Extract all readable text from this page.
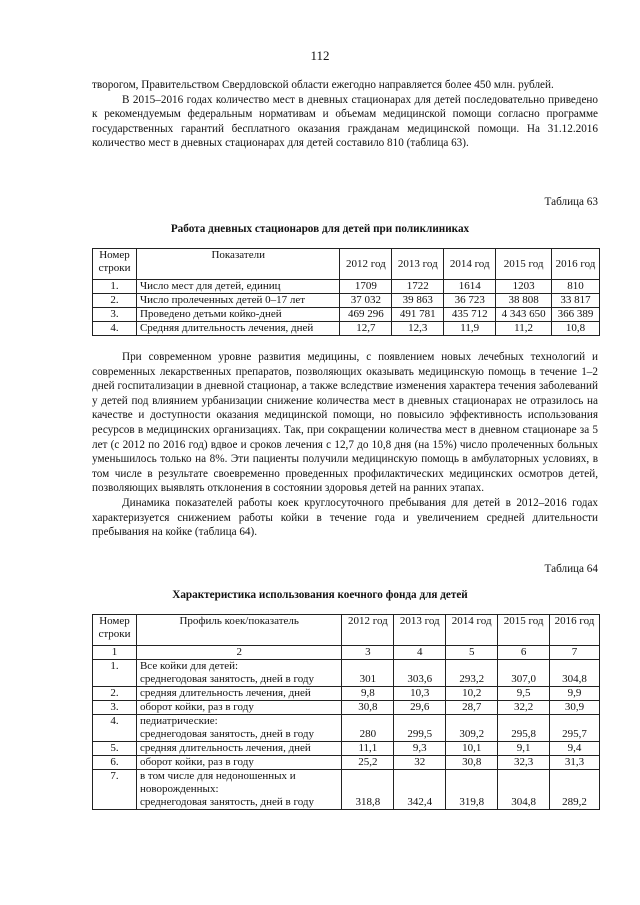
112

творогом, Правительством Свердловской области ежегодно направляется более 450 млн. рублей.

В 2015–2016 годах количество мест в дневных стационарах для детей последовательно приведено к рекомендуемым федеральным нормативам и объемам медицинской помощи согласно программе государственных гарантий бесплатного оказания гражданам медицинской помощи. На 31.12.2016 количество мест в дневных стационарах для детей составило 810 (таблица 63).

Таблица 63
Работа дневных стационаров для детей при поликлиниках
Номер строки	Показатели	2012 год	2013 год	2014 год	2015 год	2016 год
1.	Число мест для детей, единиц	1709	1722	1614	1203	810
2.	Число пролеченных детей 0–17 лет	37 032	39 863	36 723	38 808	33 817
3.	Проведено детьми койко-дней	469 296	491 781	435 712	4 343 650	366 389
4.	Средняя длительность лечения, дней	12,7	12,3	11,9	11,2	10,8

При современном уровне развития медицины, с появлением новых лечебных технологий и современных лекарственных препаратов, позволяющих оказывать медицинскую помощь в течение 1–2 дней госпитализации в дневной стационар, а также вследствие изменения характера течения заболеваний у детей под влиянием урбанизации снижение количества мест в дневных стационарах не отразилось на качестве и доступности оказания медицинской помощи, но повысило эффективность использования ресурсов в медицинских организациях. Так, при сокращении количества мест в дневном стационаре за 5 лет (с 2012 по 2016 год) вдвое и сроков лечения с 12,7 до 10,8 дня (на 15%) число пролеченных больных уменьшилось только на 8%. Эти пациенты получили медицинскую помощь в амбулаторных условиях, в том числе в результате своевременно проведенных профилактических медицинских осмотров детей, позволяющих выявлять отклонения в состоянии здоровья детей на ранних этапах.

Динамика показателей работы коек круглосуточного пребывания для детей в 2012–2016 годах характеризуется снижением работы койки в течение года и увеличением средней длительности пребывания на койке (таблица 64).

Таблица 64
Характеристика использования коечного фонда для детей
Номер строки	Профиль коек/показатель	2012 год	2013 год	2014 год	2015 год	2016 год
1	2	3	4	5	6	7
1.	Все койки для детей:
среднегодовая занятость, дней в году	301	303,6	293,2	307,0	304,8
2.	средняя длительность лечения, дней	9,8	10,3	10,2	9,5	9,9
3.	оборот койки, раз в году	30,8	29,6	28,7	32,2	30,9
4.	педиатрические:
среднегодовая занятость, дней в году	280	299,5	309,2	295,8	295,7
5.	средняя длительность лечения, дней	11,1	9,3	10,1	9,1	9,4
6.	оборот койки, раз в году	25,2	32	30,8	32,3	31,3
7.	в том числе для недоношенных и
новорожденных:
среднегодовая занятость, дней в году	318,8	342,4	319,8	304,8	289,2
